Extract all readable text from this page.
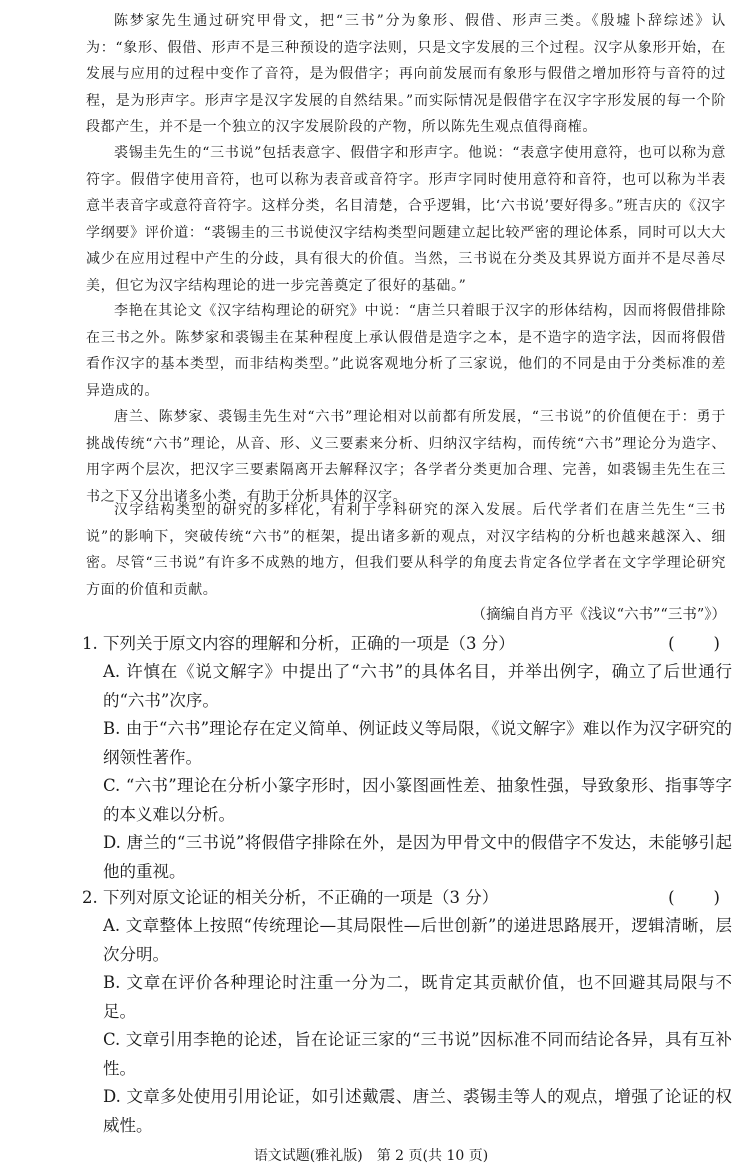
陈梦家先生通过研究甲骨文，把“三书”分为象形、假借、形声三类。《殷墟卜辞综述》认为：“象形、假借、形声不是三种预设的造字法则，只是文字发展的三个过程。汉字从象形开始，在发展与应用的过程中变作了音符，是为假借字；再向前发展而有象形与假借之增加形符与音符的过程，是为形声字。形声字是汉字发展的自然结果。”而实际情况是假借字在汉字字形发展的每一个阶段都产生，并不是一个独立的汉字发展阶段的产物，所以陈先生观点值得商榷。

裘锡圭先生的“三书说”包括表意字、假借字和形声字。他说：“表意字使用意符，也可以称为意符字。假借字使用音符，也可以称为表音或音符字。形声字同时使用意符和音符，也可以称为半表意半表音字或意符音符字。这样分类，名目清楚，合乎逻辑，比‘六书说’要好得多。”班吉庆的《汉字学纲要》评价道：“裘锡圭的三书说使汉字结构类型问题建立起比较严密的理论体系，同时可以大大减少在应用过程中产生的分歧，具有很大的价值。当然，三书说在分类及其界说方面并不是尽善尽美，但它为汉字结构理论的进一步完善奠定了很好的基础。”

李艳在其论文《汉字结构理论的研究》中说：“唐兰只着眼于汉字的形体结构，因而将假借排除在三书之外。陈梦家和裘锡圭在某种程度上承认假借是造字之本，是不造字的造字法，因而将假借看作汉字的基本类型，而非结构类型。”此说客观地分析了三家说，他们的不同是由于分类标准的差异造成的。

唐兰、陈梦家、裘锡圭先生对“六书”理论相对以前都有所发展，“三书说”的价值便在于：勇于挑战传统“六书”理论，从音、形、义三要素来分析、归纳汉字结构，而传统“六书”理论分为造字、用字两个层次，把汉字三要素隔离开去解释汉字；各学者分类更加合理、完善，如裘锡圭先生在三书之下又分出诸多小类，有助于分析具体的汉字。

汉字结构类型的研究的多样化，有利于学科研究的深入发展。后代学者们在唐兰先生“三书说”的影响下，突破传统“六书”的框架，提出诸多新的观点，对汉字结构的分析也越来越深入、细密。尽管“三书说”有许多不成熟的地方，但我们要从科学的角度去肯定各位学者在文字学理论研究方面的价值和贡献。

（摘编自肖方平《浅议“六书”“三书”》）

1. 下列关于原文内容的理解和分析，正确的一项是（3 分）	(　　)
A. 许慎在《说文解字》中提出了“六书”的具体名目，并举出例字，确立了后世通行的“六书”次序。
B. 由于“六书”理论存在定义简单、例证歧义等局限，《说文解字》难以作为汉字研究的纲领性著作。
C. “六书”理论在分析小篆字形时，因小篆图画性差、抽象性强，导致象形、指事等字的本义难以分析。
D. 唐兰的“三书说”将假借字排除在外，是因为甲骨文中的假借字不发达，未能够引起他的重视。
2. 下列对原文论证的相关分析，不正确的一项是（3 分）	(　　)
A. 文章整体上按照“传统理论—其局限性—后世创新”的递进思路展开，逻辑清晰，层次分明。
B. 文章在评价各种理论时注重一分为二，既肯定其贡献价值，也不回避其局限与不足。
C. 文章引用李艳的论述，旨在论证三家的“三书说”因标准不同而结论各异，具有互补性。
D. 文章多处使用引用论证，如引述戴震、唐兰、裘锡圭等人的观点，增强了论证的权威性。
语文试题(雅礼版)　第 2 页(共 10 页)
